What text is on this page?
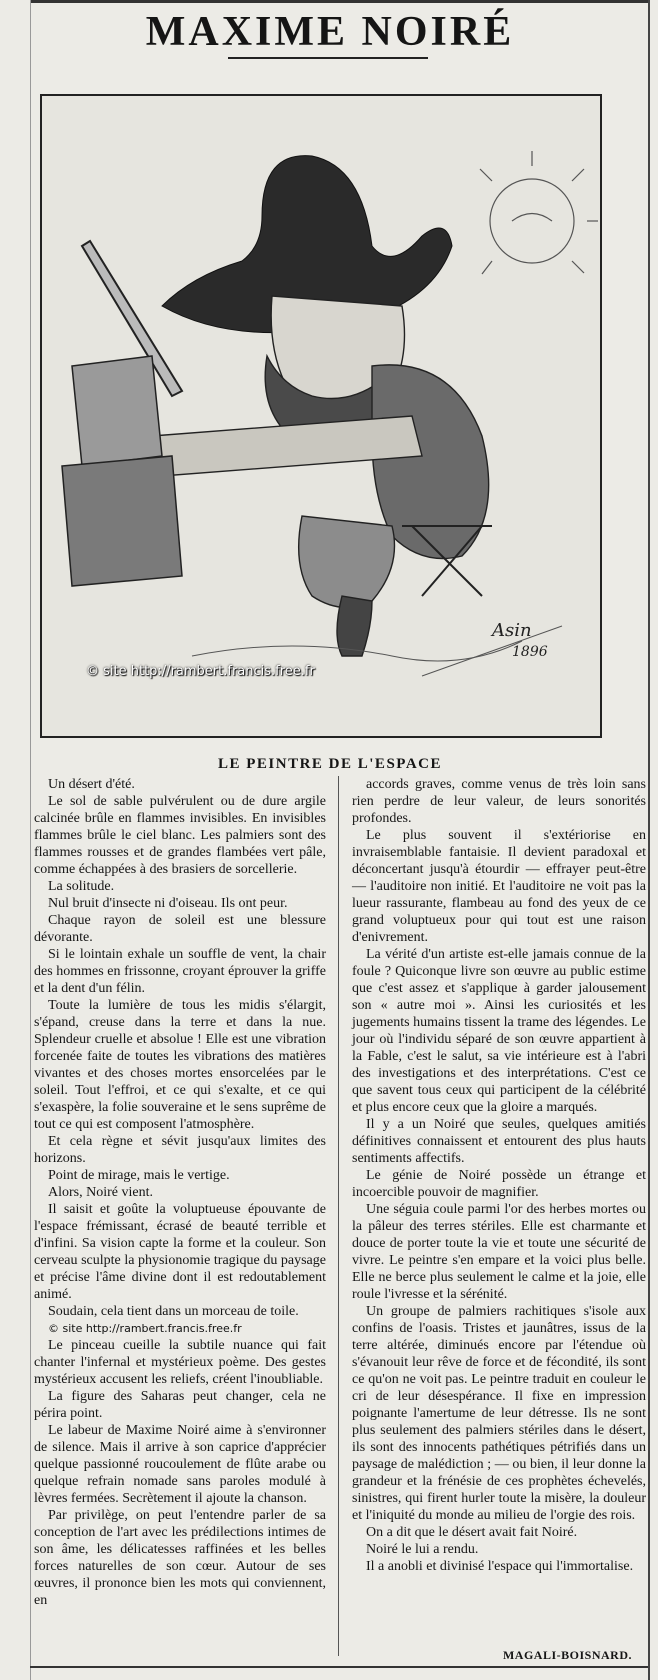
MAXIME NOIRÉ
Asin
1896
© site http://rambert.francis.free.fr
LE PEINTRE DE L'ESPACE

Un désert d'été.

Le sol de sable pulvérulent ou de dure argile calcinée brûle en flammes invisibles. En invisibles flammes brûle le ciel blanc. Les palmiers sont des flammes rousses et de grandes flambées vert pâle, comme échappées à des brasiers de sorcellerie.

La solitude.

Nul bruit d'insecte ni d'oiseau. Ils ont peur.

Chaque rayon de soleil est une blessure dévorante.

Si le lointain exhale un souffle de vent, la chair des hommes en frissonne, croyant éprouver la griffe et la dent d'un félin.

Toute la lumière de tous les midis s'élargit, s'épand, creuse dans la terre et dans la nue. Splendeur cruelle et absolue ! Elle est une vibration forcenée faite de toutes les vibrations des matières vivantes et des choses mortes ensorcelées par le soleil. Tout l'effroi, et ce qui s'exalte, et ce qui s'exaspère, la folie souveraine et le sens suprême de tout ce qui est composent l'atmosphère.

Et cela règne et sévit jusqu'aux limites des horizons.

Point de mirage, mais le vertige.

Alors, Noiré vient.

Il saisit et goûte la voluptueuse épouvante de l'espace frémissant, écrasé de beauté terrible et d'infini. Sa vision capte la forme et la couleur. Son cerveau sculpte la physionomie tragique du paysage et précise l'âme divine dont il est redoutablement animé.

Soudain, cela tient dans un morceau de toile.

© site http://rambert.francis.free.fr

Le pinceau cueille la subtile nuance qui fait chanter l'infernal et mystérieux poème. Des gestes mystérieux accusent les reliefs, créent l'inoubliable.

La figure des Saharas peut changer, cela ne périra point.

Le labeur de Maxime Noiré aime à s'environner de silence. Mais il arrive à son caprice d'apprécier quelque passionné roucoulement de flûte arabe ou quelque refrain nomade sans paroles modulé à lèvres fermées. Secrètement il ajoute la chanson.

Par privilège, on peut l'entendre parler de sa conception de l'art avec les prédilections intimes de son âme, les délicatesses raffinées et les belles forces naturelles de son cœur. Autour de ses œuvres, il prononce bien les mots qui conviennent, en

accords graves, comme venus de très loin sans rien perdre de leur valeur, de leurs sonorités profondes.

Le plus souvent il s'extériorise en invraisemblable fantaisie. Il devient paradoxal et déconcertant jusqu'à étourdir — effrayer peut-être — l'auditoire non initié. Et l'auditoire ne voit pas la lueur rassurante, flambeau au fond des yeux de ce grand voluptueux pour qui tout est une raison d'enivrement.

La vérité d'un artiste est-elle jamais connue de la foule ? Quiconque livre son œuvre au public estime que c'est assez et s'applique à garder jalousement son « autre moi ». Ainsi les curiosités et les jugements humains tissent la trame des légendes. Le jour où l'individu séparé de son œuvre appartient à la Fable, c'est le salut, sa vie intérieure est à l'abri des investigations et des interprétations. C'est ce que savent tous ceux qui participent de la célébrité et plus encore ceux que la gloire a marqués.

Il y a un Noiré que seules, quelques amitiés définitives connaissent et entourent des plus hauts sentiments affectifs.

Le génie de Noiré possède un étrange et incoercible pouvoir de magnifier.

Une séguia coule parmi l'or des herbes mortes ou la pâleur des terres stériles. Elle est charmante et douce de porter toute la vie et toute une sécurité de vivre. Le peintre s'en empare et la voici plus belle. Elle ne berce plus seulement le calme et la joie, elle roule l'ivresse et la sérénité.

Un groupe de palmiers rachitiques s'isole aux confins de l'oasis. Tristes et jaunâtres, issus de la terre altérée, diminués encore par l'étendue où s'évanouit leur rêve de force et de fécondité, ils sont ce qu'on ne voit pas. Le peintre traduit en couleur le cri de leur désespérance. Il fixe en impression poignante l'amertume de leur détresse. Ils ne sont plus seulement des palmiers stériles dans le désert, ils sont des innocents pathétiques pétrifiés dans un paysage de malédiction ; — ou bien, il leur donne la grandeur et la frénésie de ces prophètes échevelés, sinistres, qui firent hurler toute la misère, la douleur et l'iniquité du monde au milieu de l'orgie des rois.

On a dit que le désert avait fait Noiré.

Noiré le lui a rendu.

Il a anobli et divinisé l'espace qui l'immortalise.

MAGALI-BOISNARD.
